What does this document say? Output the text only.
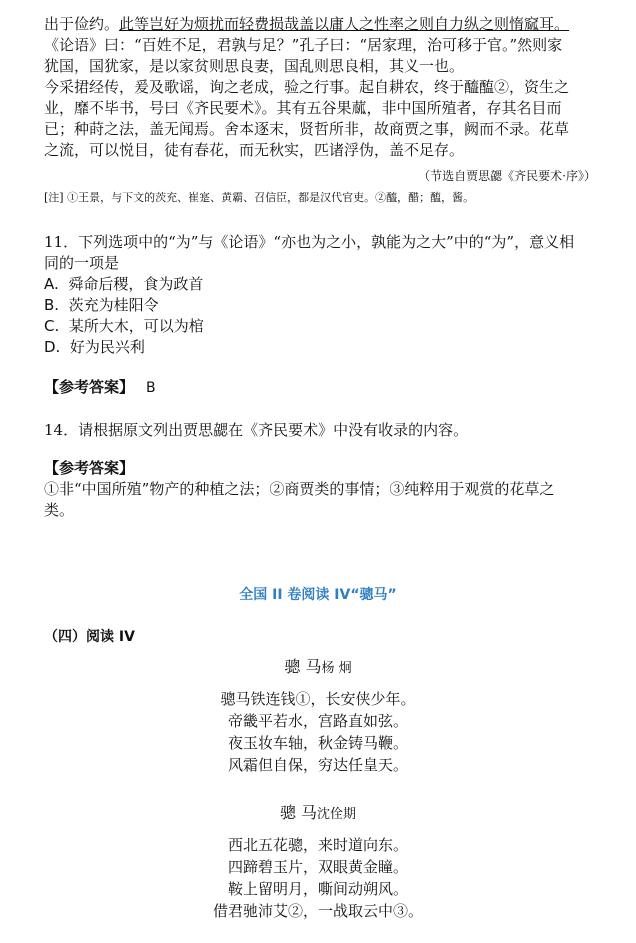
出于俭约。此等岂好为烦扰而轻费损哉盖以庸人之性率之则自力纵之则惰窳耳。

《论语》曰：“百姓不足，君孰与足？”孔子曰：“居家理，治可移于官。”然则家

犹国，国犹家，是以家贫则思良妻，国乱则思良相，其义一也。

今采捃经传，爰及歌谣，询之老成，验之行事。起自耕农，终于醯醢②，资生之

业，靡不毕书，号曰《齐民要术》。其有五谷果蓏，非中国所殖者，存其名目而

已；种莳之法，盖无闻焉。舍本逐末，贤哲所非，故商贾之事，阙而不录。花草

之流，可以悦目，徒有春花，而无秋实，匹诸浮伪，盖不足存。

（节选自贾思勰《齐民要术·序》）
[注] ①王景，与下文的茨充、崔寔、黄霸、召信臣，都是汉代官吏。②醯，醋；醢，酱。

11．下列选项中的“为”与《论语》“亦也为之小，孰能为之大”中的“为”，意义相

同的一项是

A. 舜命后稷，食为政首

B. 茨充为桂阳令

C. 某所大木，可以为棺

D. 好为民兴利

【参考答案】 B

14．请根据原文列出贾思勰在《齐民要术》中没有收录的内容。

【参考答案】

①非“中国所殖”物产的种植之法；②商贾类的事情；③纯粹用于观赏的花草之

类。

全国 II 卷阅读 IV“骢马”
（四）阅读 IV
骢 马杨 炯

骢马铁连钱①，长安侠少年。

帝畿平若水，宫路直如弦。

夜玉妆车轴，秋金铸马鞭。

风霜但自保，穷达任皇天。

骢 马沈佺期

西北五花骢，来时道向东。

四蹄碧玉片，双眼黄金瞳。

鞍上留明月，嘶间动朔风。

借君驰沛艾②，一战取云中③。
